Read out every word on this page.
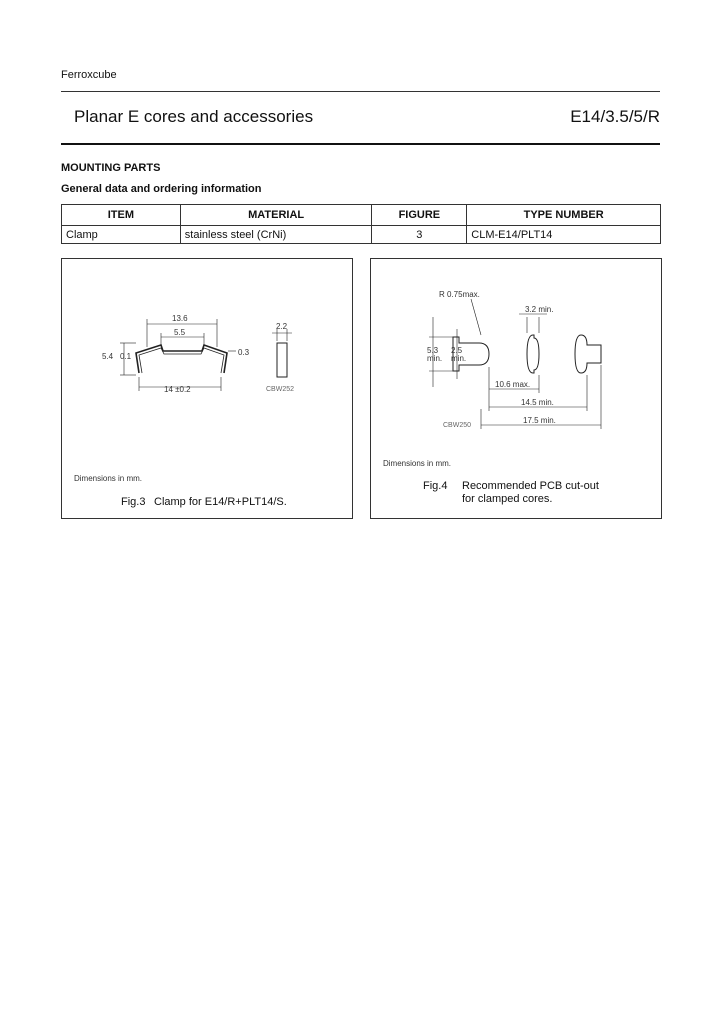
Ferroxcube
Planar E cores and accessories	E14/3.5/5/R
MOUNTING PARTS
General data and ordering information
ITEM	MATERIAL	FIGURE	TYPE NUMBER
Clamp	stainless steel (CrNi)	3	CLM-E14/PLT14
13.6
5.5
5.4 0.1	0.3
14 ±0.2
2.2
CBW252
Dimensions in mm.
Fig.3 Clamp for E14/R+PLT14/S.
R 0.75max.
3.2 min.
5.3
min.
2.5
min.
10.6 max.
14.5 min.
17.5 min.
CBW250
Dimensions in mm.
Fig.4 Recommended PCB cut-out
for clamped cores.
